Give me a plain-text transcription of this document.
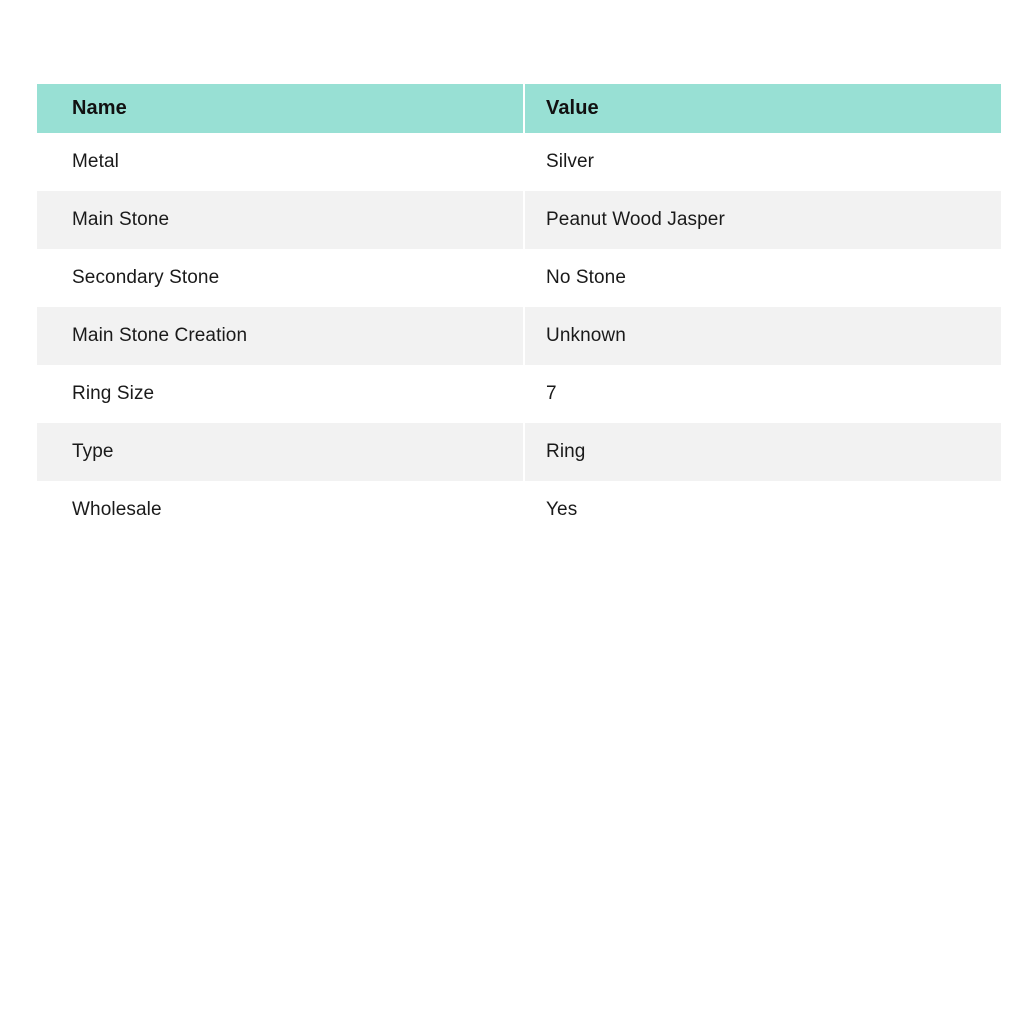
Name	Value
Metal	Silver
Main Stone	Peanut Wood Jasper
Secondary Stone	No Stone
Main Stone Creation	Unknown
Ring Size	7
Type	Ring
Wholesale	Yes
